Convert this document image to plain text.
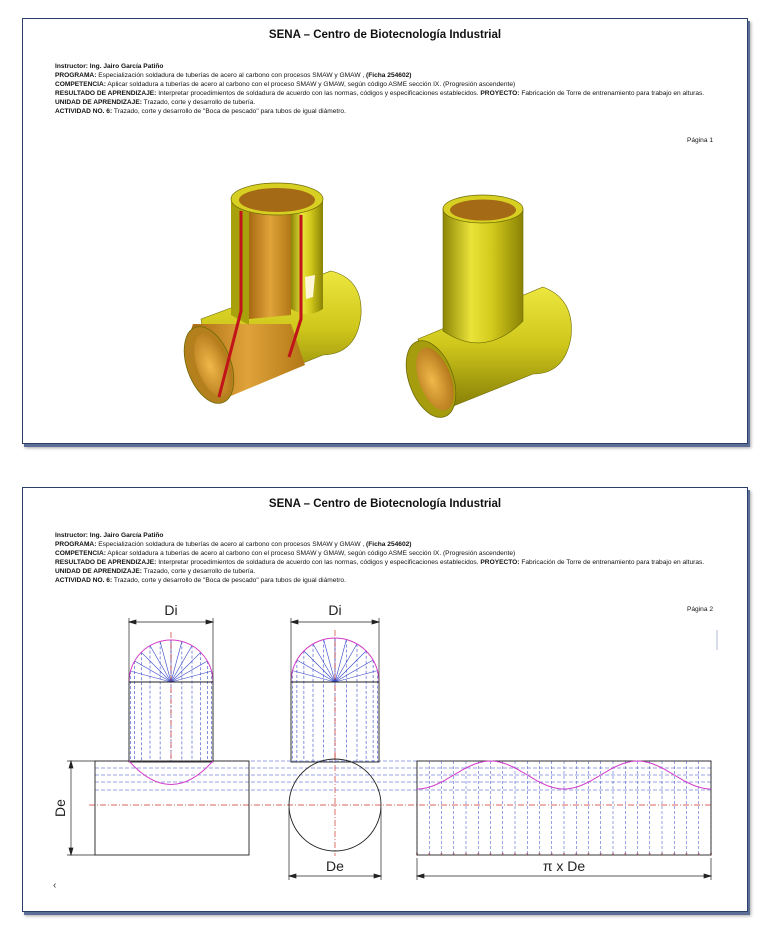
SENA – Centro de Biotecnología Industrial
Instructor: Ing. Jairo García Patiño
PROGRAMA: Especialización soldadura de tuberías de acero al carbono con procesos SMAW y GMAW , (Ficha 254602)
COMPETENCIA: Aplicar soldadura a tuberías de acero al carbono con el proceso SMAW y GMAW, según código ASME sección IX. (Progresión ascendente)
RESULTADO DE APRENDIZAJE: Interpretar procedimientos de soldadura de acuerdo con las normas, códigos y especificaciones establecidos. PROYECTO: Fabricación de Torre de entrenamiento para trabajo en alturas.
UNIDAD DE APRENDIZAJE: Trazado, corte y desarrollo de tubería.
ACTIVIDAD NO. 6: Trazado, corte y desarrollo de "Boca de pescado" para tubos de igual diámetro.
Página 1
SENA – Centro de Biotecnología Industrial
Instructor: Ing. Jairo García Patiño
PROGRAMA: Especialización soldadura de tuberías de acero al carbono con procesos SMAW y GMAW , (Ficha 254602)
COMPETENCIA: Aplicar soldadura a tuberías de acero al carbono con el proceso SMAW y GMAW, según código ASME sección IX. (Progresión ascendente)
RESULTADO DE APRENDIZAJE: Interpretar procedimientos de soldadura de acuerdo con las normas, códigos y especificaciones establecidos. PROYECTO: Fabricación de Torre de entrenamiento para trabajo en alturas.
UNIDAD DE APRENDIZAJE: Trazado, corte y desarrollo de tubería.
ACTIVIDAD NO. 6: Trazado, corte y desarrollo de "Boca de pescado" para tubos de igual diámetro.
Página 2
× × × × × × × × × × × × × × × × × × × × × × × × ×
Di	Di
De
De	π x De
‹
